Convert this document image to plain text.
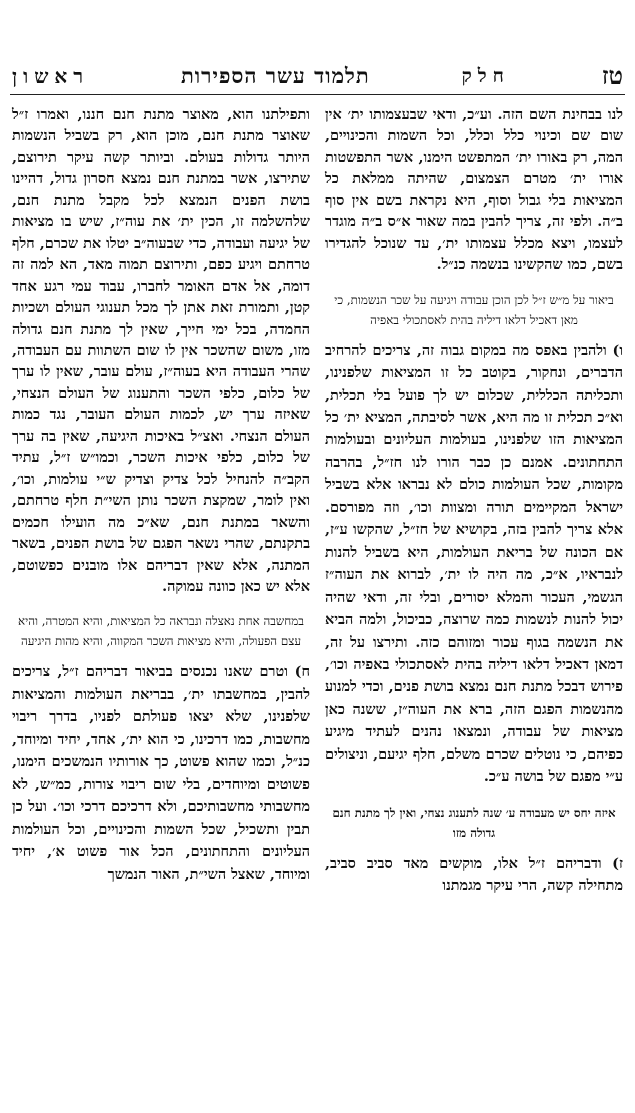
טז
חלק
תלמוד עשר הספירות
ראשון

לנו בבחינת השם הזה. וע״כ, ודאי שבעצמותו ית׳ אין שום שם וכינוי כלל וכלל, וכל השמות והכינויים, המה, רק באורו ית׳ המתפשט הימנו, אשר התפשטות אורו ית׳ מטרם הצמצום, שהיתה ממלאת כל המציאות בלי גבול וסוף, היא נקראת בשם אין סוף ב״ה. ולפי זה, צריך להבין במה שאור א״ס ב״ה מוגדר לעצמו, ויצא מכלל עצמותו ית׳, עד שנוכל להגדירו בשם, כמו שהקשינו בנשמה כנ״ל.

ביאור על מ״ש ז״ל לכן הוכן עבודה ויגיעה על שכר הנשמות, כי מאן דאכיל דלאו דיליה בהית לאסתכולי באפיה

ו) ולהבין באפס מה במקום גבוה זה, צריכים להרחיב הדברים, ונחקור, בקוטב כל זו המציאות שלפנינו, ותכליתה הכללית, שכלום יש לך פועל בלי תכלית, וא״כ תכלית זו מה היא, אשר לסיבתה, המציא ית׳ כל המציאות הזו שלפנינו, בעולמות העליונים ובעולמות התחתונים. אמנם כן כבר הורו לנו חז״ל, בהרבה מקומות, שכל העולמות כולם לא נבראו אלא בשביל ישראל המקיימים תורה ומצוות וכו׳, וזה מפורסם. אלא צריך להבין בזה, בקושיא של חז״ל, שהקשו ע״ז, אם הכונה של בריאת העולמות, היא בשביל להנות לנבראיו, א״כ, מה היה לו ית׳, לברוא את העוה״ז הגשמי, העכור והמלא יסורים, ובלי זה, ודאי שהיה יכול להנות לנשמות כמה שרוצה, כביכול, ולמה הביא את הנשמה בגוף עכור ומזוהם כזה. ותירצו על זה, דמאן דאכיל דלאו דיליה בהית לאסתכולי באפיה וכו׳, פירוש דבכל מתנת חנם נמצא בושת פנים, וכדי למנוע מהנשמות הפגם הזה, ברא את העוה״ז, ששנה כאן מציאות של עבודה, ונמצאו נהנים לעתיד מיגיע כפיהם, כי נוטלים שכרם משלם, חלף יגיעם, וניצולים ע״י מפגם של בושה ע״כ.

איזה יחס יש מעבודה ע׳ שנה לתענוג נצחי, ואין לך מתנת חנם גדולה מזו

ז) ודבריהם ז״ל אלו, מוקשים מאד סביב סביב, מתחילה קשה, הרי עיקר מגמתנו

ותפילתנו הוא, מאוצר מתנת חנם חננו, ואמרו ז״ל שאוצר מתנת חנם, מוכן הוא, רק בשביל הנשמות היותר גדולות בעולם. וביותר קשה עיקר תירוצם, שתירצו, אשר במתנת חנם נמצא חסרון גדול, דהיינו בושת הפנים הנמצא לכל מקבל מתנת חנם, שלהשלמה זו, הכין ית׳ את עוה״ז, שיש בו מציאות של יגיעה ועבודה, כדי שבעוה״ב יטלו את שכרם, חלף טרחתם ויגיע כפם, ותירוצם תמוה מאד, הא למה זה דומה, אל אדם האומר לחברו, עבוד עמי רגע אחד קטן, ותמורת זאת אתן לך מכל תענוגי העולם ושכיות החמדה, בכל ימי חייך, שאין לך מתנת חנם גדולה מזו, משום שהשכר אין לו שום השתוות עם העבודה, שהרי העבודה היא בעוה״ז, עולם עובר, שאין לו ערך של כלום, כלפי השכר והתענוג של העולם הנצחי, שאיזה ערך יש, לכמות העולם העובר, נגד כמות העולם הנצחי. ואצ״ל באיכות היגיעה, שאין בה ערך של כלום, כלפי איכות השכר, וכמו״ש ז״ל, עתיד הקב״ה להנחיל לכל צדיק וצדיק ש״י עולמות, וכו׳, ואין לומר, שמקצת השכר נותן השי״ת חלף טרחתם, והשאר במתנת חנם, שא״כ מה הועילו חכמים בתקנתם, שהרי נשאר הפגם של בושת הפנים, בשאר המתנה, אלא שאין דבריהם אלו מובנים כפשוטם, אלא יש כאן כוונה עמוקה.

במחשבה אחת נאצלה ונבראה כל המציאות, והיא המטרה, והיא עצם הפעולה, והיא מציאות השכר המקווה, והיא מהות היגיעה

ח) וטרם שאנו נכנסים בביאור דבריהם ז״ל, צריכים להבין, במחשבתו ית׳, בבריאת העולמות והמציאות שלפנינו, שלא יצאו פעולתם לפניו, בדרך ריבוי מחשבות, כמו דרכינו, כי הוא ית׳, אחד, יחיד ומיוחד, כנ״ל, וכמו שהוא פשוט, כך אורותיו הנמשכים הימנו, פשוטים ומיוחדים, בלי שום ריבוי צורות, כמ״ש, לא מחשבותי מחשבותיכם, ולא דרכיכם דרכי וכו׳. ועל כן תבין ותשכיל, שכל השמות והכינויים, וכל העולמות העליונים והתחתונים, הכל אור פשוט א׳, יחיד ומיוחד, שאצל השי״ת, האור הנמשך
